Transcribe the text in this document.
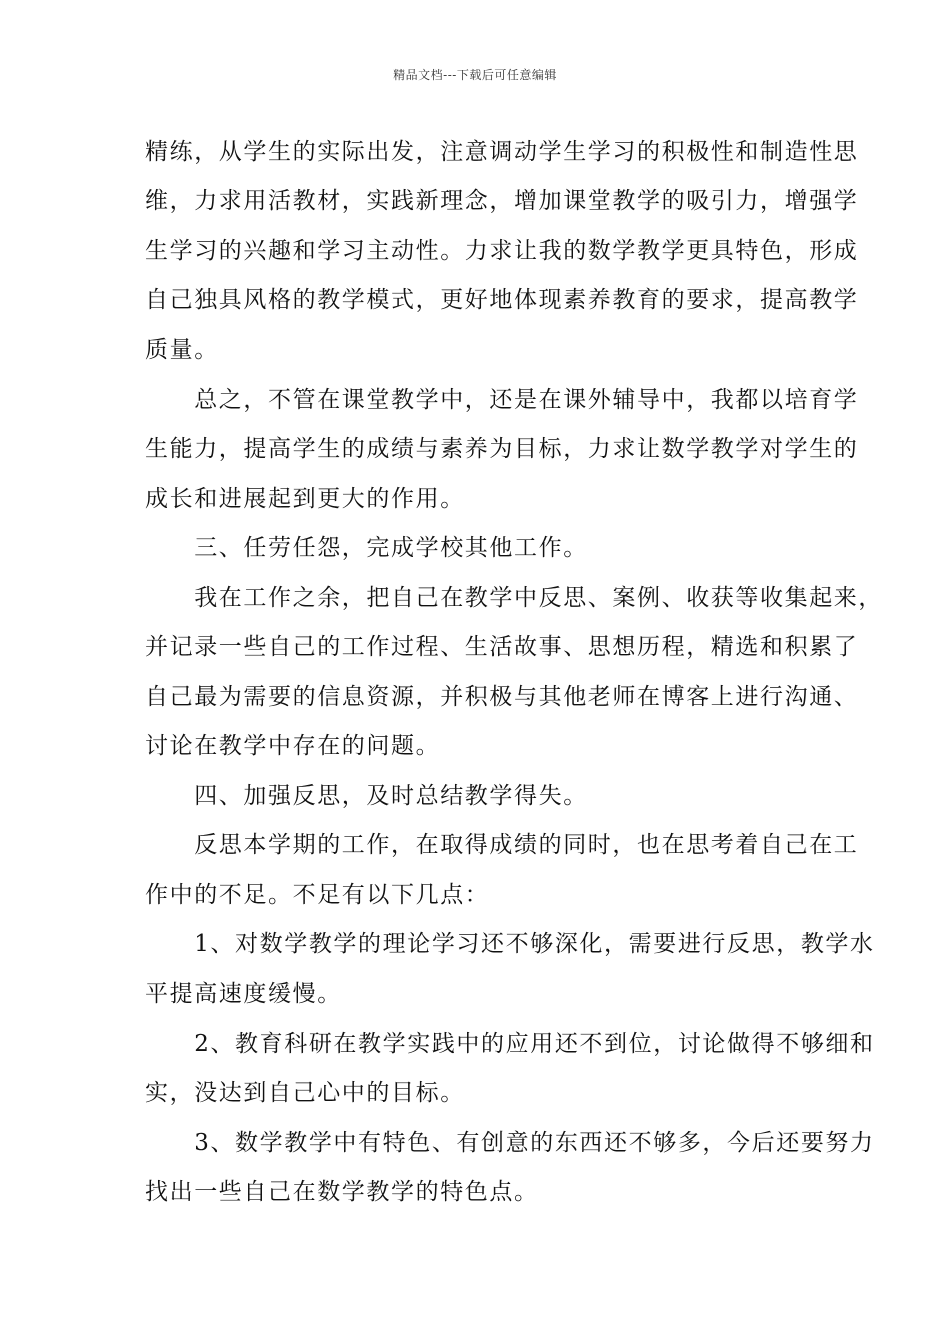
精品文档---下载后可任意编辑
精练，从学生的实际出发，注意调动学生学习的积极性和制造性思
维，力求用活教材，实践新理念，增加课堂教学的吸引力，增强学
生学习的兴趣和学习主动性。力求让我的数学教学更具特色，形成
自己独具风格的教学模式，更好地体现素养教育的要求，提高教学
质量。
　　总之，不管在课堂教学中，还是在课外辅导中，我都以培育学
生能力，提高学生的成绩与素养为目标，力求让数学教学对学生的
成长和进展起到更大的作用。
　　三、任劳任怨，完成学校其他工作。
　　我在工作之余，把自己在教学中反思、案例、收获等收集起来，
并记录一些自己的工作过程、生活故事、思想历程，精选和积累了
自己最为需要的信息资源，并积极与其他老师在博客上进行沟通、
讨论在教学中存在的问题。
　　四、加强反思，及时总结教学得失。
　　反思本学期的工作，在取得成绩的同时，也在思考着自己在工
作中的不足。不足有以下几点：
　　1、对数学教学的理论学习还不够深化，需要进行反思，教学水
平提高速度缓慢。
　　2、教育科研在教学实践中的应用还不到位，讨论做得不够细和
实，没达到自己心中的目标。
　　3、数学教学中有特色、有创意的东西还不够多，今后还要努力
找出一些自己在数学教学的特色点。
